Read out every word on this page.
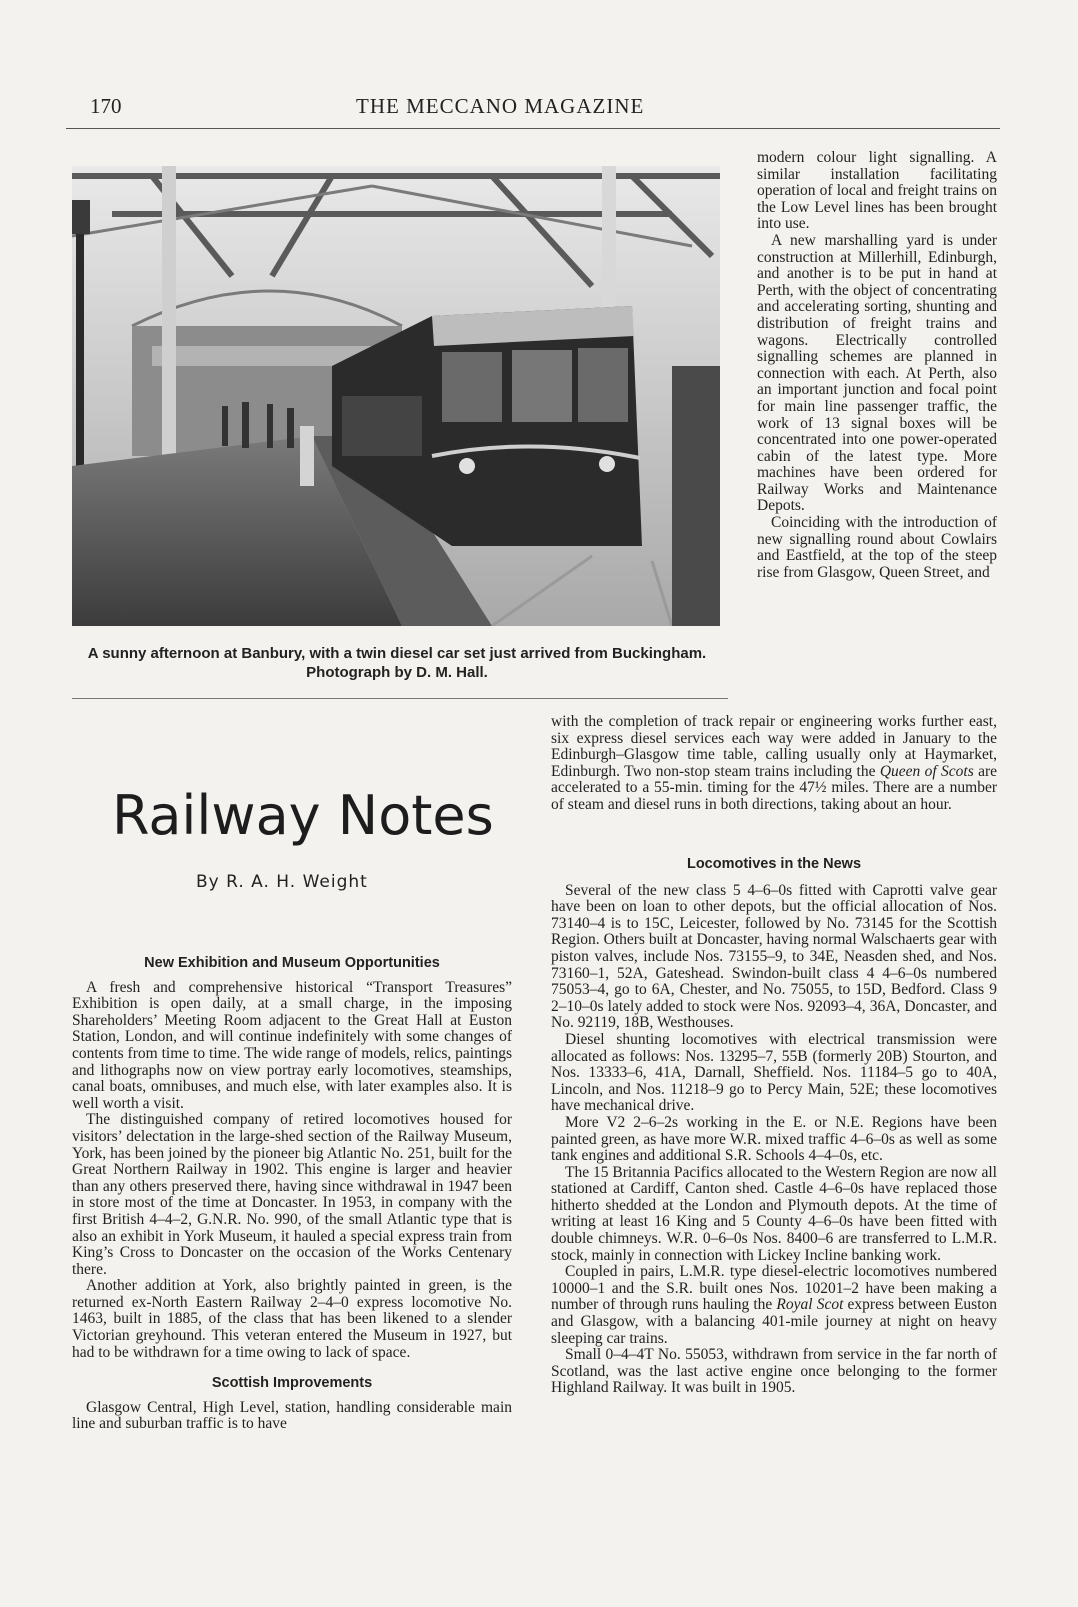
170	THE MECCANO MAGAZINE
A sunny afternoon at Banbury, with a twin diesel car set just arrived from Buckingham. Photograph by D. M. Hall.

modern colour light signalling. A similar installation facilitating operation of local and freight trains on the Low Level lines has been brought into use.

A new marshalling yard is under construction at Millerhill, Edinburgh, and another is to be put in hand at Perth, with the object of concentrating and accelerating sorting, shunting and distribution of freight trains and wagons. Electrically controlled signalling schemes are planned in connection with each. At Perth, also an important junction and focal point for main line passenger traffic, the work of 13 signal boxes will be concentrated into one power-operated cabin of the latest type. More machines have been ordered for Railway Works and Maintenance Depots.

Coinciding with the introduction of new signalling round about Cowlairs and Eastfield, at the top of the steep rise from Glasgow, Queen Street, and

with the completion of track repair or engineering works further east, six express diesel services each way were added in January to the Edinburgh–Glasgow time table, calling usually only at Haymarket, Edinburgh. Two non-stop steam trains including the Queen of Scots are accelerated to a 55-min. timing for the 47½ miles. There are a number of steam and diesel runs in both directions, taking about an hour.

Railway Notes
By R. A. H. Weight
New Exhibition and Museum Opportunities

A fresh and comprehensive historical “Transport Treasures” Exhibition is open daily, at a small charge, in the imposing Shareholders’ Meeting Room adjacent to the Great Hall at Euston Station, London, and will continue indefinitely with some changes of contents from time to time. The wide range of models, relics, paintings and lithographs now on view portray early locomotives, steamships, canal boats, omnibuses, and much else, with later examples also. It is well worth a visit.

The distinguished company of retired locomotives housed for visitors’ delectation in the large-shed section of the Railway Museum, York, has been joined by the pioneer big Atlantic No. 251, built for the Great Northern Railway in 1902. This engine is larger and heavier than any others preserved there, having since withdrawal in 1947 been in store most of the time at Doncaster. In 1953, in company with the first British 4–4–2, G.N.R. No. 990, of the small Atlantic type that is also an exhibit in York Museum, it hauled a special express train from King’s Cross to Doncaster on the occasion of the Works Centenary there.

Another addition at York, also brightly painted in green, is the returned ex-North Eastern Railway 2–4–0 express locomotive No. 1463, built in 1885, of the class that has been likened to a slender Victorian greyhound. This veteran entered the Museum in 1927, but had to be withdrawn for a time owing to lack of space.

Scottish Improvements

Glasgow Central, High Level, station, handling considerable main line and suburban traffic is to have

Locomotives in the News

Several of the new class 5 4–6–0s fitted with Caprotti valve gear have been on loan to other depots, but the official allocation of Nos. 73140–4 is to 15C, Leicester, followed by No. 73145 for the Scottish Region. Others built at Doncaster, having normal Walschaerts gear with piston valves, include Nos. 73155–9, to 34E, Neasden shed, and Nos. 73160–1, 52A, Gateshead. Swindon-built class 4 4–6–0s numbered 75053–4, go to 6A, Chester, and No. 75055, to 15D, Bedford. Class 9 2–10–0s lately added to stock were Nos. 92093–4, 36A, Doncaster, and No. 92119, 18B, Westhouses.

Diesel shunting locomotives with electrical transmission were allocated as follows: Nos. 13295–7, 55B (formerly 20B) Stourton, and Nos. 13333–6, 41A, Darnall, Sheffield. Nos. 11184–5 go to 40A, Lincoln, and Nos. 11218–9 go to Percy Main, 52E; these locomotives have mechanical drive.

More V2 2–6–2s working in the E. or N.E. Regions have been painted green, as have more W.R. mixed traffic 4–6–0s as well as some tank engines and additional S.R. Schools 4–4–0s, etc.

The 15 Britannia Pacifics allocated to the Western Region are now all stationed at Cardiff, Canton shed. Castle 4–6–0s have replaced those hitherto shedded at the London and Plymouth depots. At the time of writing at least 16 King and 5 County 4–6–0s have been fitted with double chimneys. W.R. 0–6–0s Nos. 8400–6 are transferred to L.M.R. stock, mainly in connection with Lickey Incline banking work.

Coupled in pairs, L.M.R. type diesel-electric locomotives numbered 10000–1 and the S.R. built ones Nos. 10201–2 have been making a number of through runs hauling the Royal Scot express between Euston and Glasgow, with a balancing 401-mile journey at night on heavy sleeping car trains.

Small 0–4–4T No. 55053, withdrawn from service in the far north of Scotland, was the last active engine once belonging to the former Highland Railway. It was built in 1905.
